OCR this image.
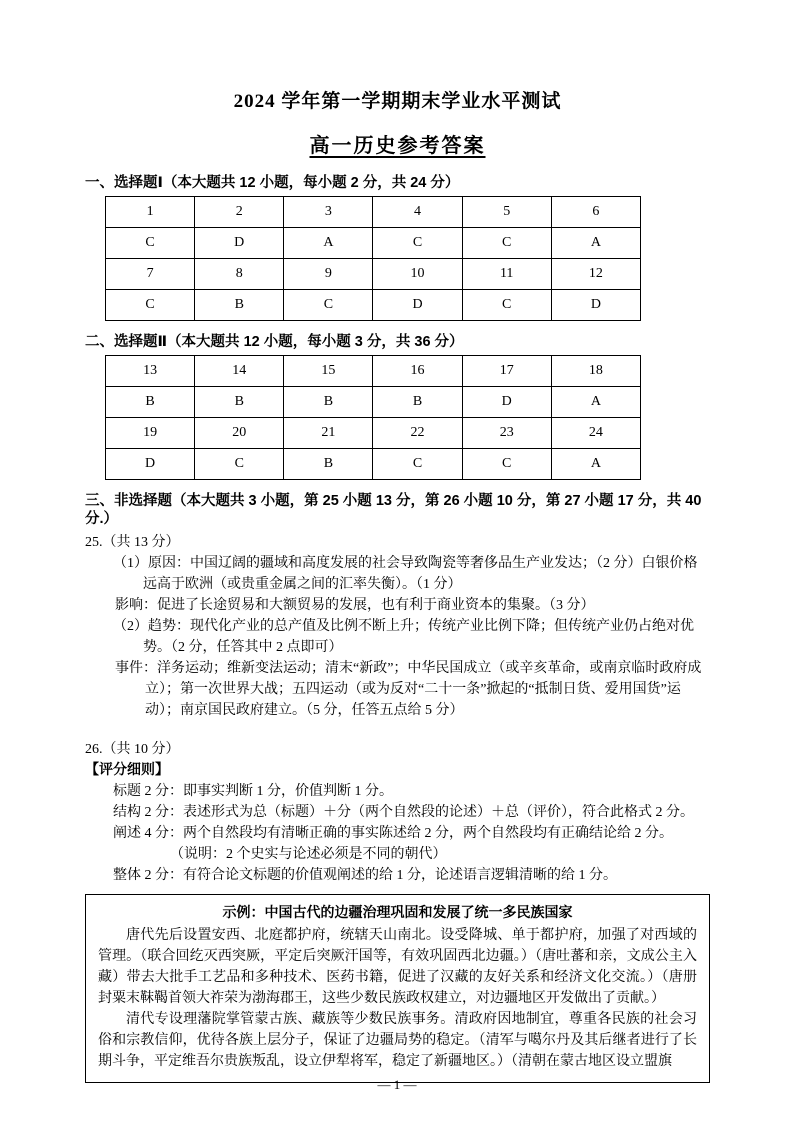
2024 学年第一学期期末学业水平测试
高一历史参考答案
一、选择题Ⅰ（本大题共 12 小题，每小题 2 分，共 24 分）
1	2	3	4	5	6
C	D	A	C	C	A
7	8	9	10	11	12
C	B	C	D	C	D
二、选择题Ⅱ（本大题共 12 小题，每小题 3 分，共 36 分）
13	14	15	16	17	18
B	B	B	B	D	A
19	20	21	22	23	24
D	C	B	C	C	A
三、非选择题（本大题共 3 小题，第 25 小题 13 分，第 26 小题 10 分，第 27 小题 17 分，共 40 分.）
25.（共 13 分）
（1）原因：中国辽阔的疆域和高度发展的社会导致陶瓷等奢侈品生产业发达；（2 分）白银价格远高于欧洲（或贵重金属之间的汇率失衡）。（1 分）
影响：促进了长途贸易和大额贸易的发展，也有利于商业资本的集聚。（3 分）
（2）趋势：现代化产业的总产值及比例不断上升；传统产业比例下降；但传统产业仍占绝对优势。（2 分，任答其中 2 点即可）
事件：洋务运动；维新变法运动；清末“新政”；中华民国成立（或辛亥革命，或南京临时政府成立）；第一次世界大战；五四运动（或为反对“二十一条”掀起的“抵制日货、爱用国货”运动）；南京国民政府建立。（5 分，任答五点给 5 分）
26.（共 10 分）
【评分细则】
标题 2 分：即事实判断 1 分，价值判断 1 分。
结构 2 分：表述形式为总（标题）＋分（两个自然段的论述）＋总（评价），符合此格式 2 分。
阐述 4 分：两个自然段均有清晰正确的事实陈述给 2 分，两个自然段均有正确结论给 2 分。
（说明：2 个史实与论述必须是不同的朝代）
整体 2 分：有符合论文标题的价值观阐述的给 1 分，论述语言逻辑清晰的给 1 分。
示例：中国古代的边疆治理巩固和发展了统一多民族国家

唐代先后设置安西、北庭都护府，统辖天山南北。设受降城、单于都护府，加强了对西域的管理。（联合回纥灭西突厥，平定后突厥汗国等，有效巩固西北边疆。）（唐吐蕃和亲，文成公主入藏）带去大批手工艺品和多种技术、医药书籍，促进了汉藏的友好关系和经济文化交流。）（唐册封粟末靺鞨首领大祚荣为渤海郡王，这些少数民族政权建立，对边疆地区开发做出了贡献。）

清代专设理藩院掌管蒙古族、藏族等少数民族事务。清政府因地制宜，尊重各民族的社会习俗和宗教信仰，优待各族上层分子，保证了边疆局势的稳定。（清军与噶尔丹及其后继者进行了长期斗争，平定维吾尔贵族叛乱，设立伊犁将军，稳定了新疆地区。）（清朝在蒙古地区设立盟旗

— 1 —
